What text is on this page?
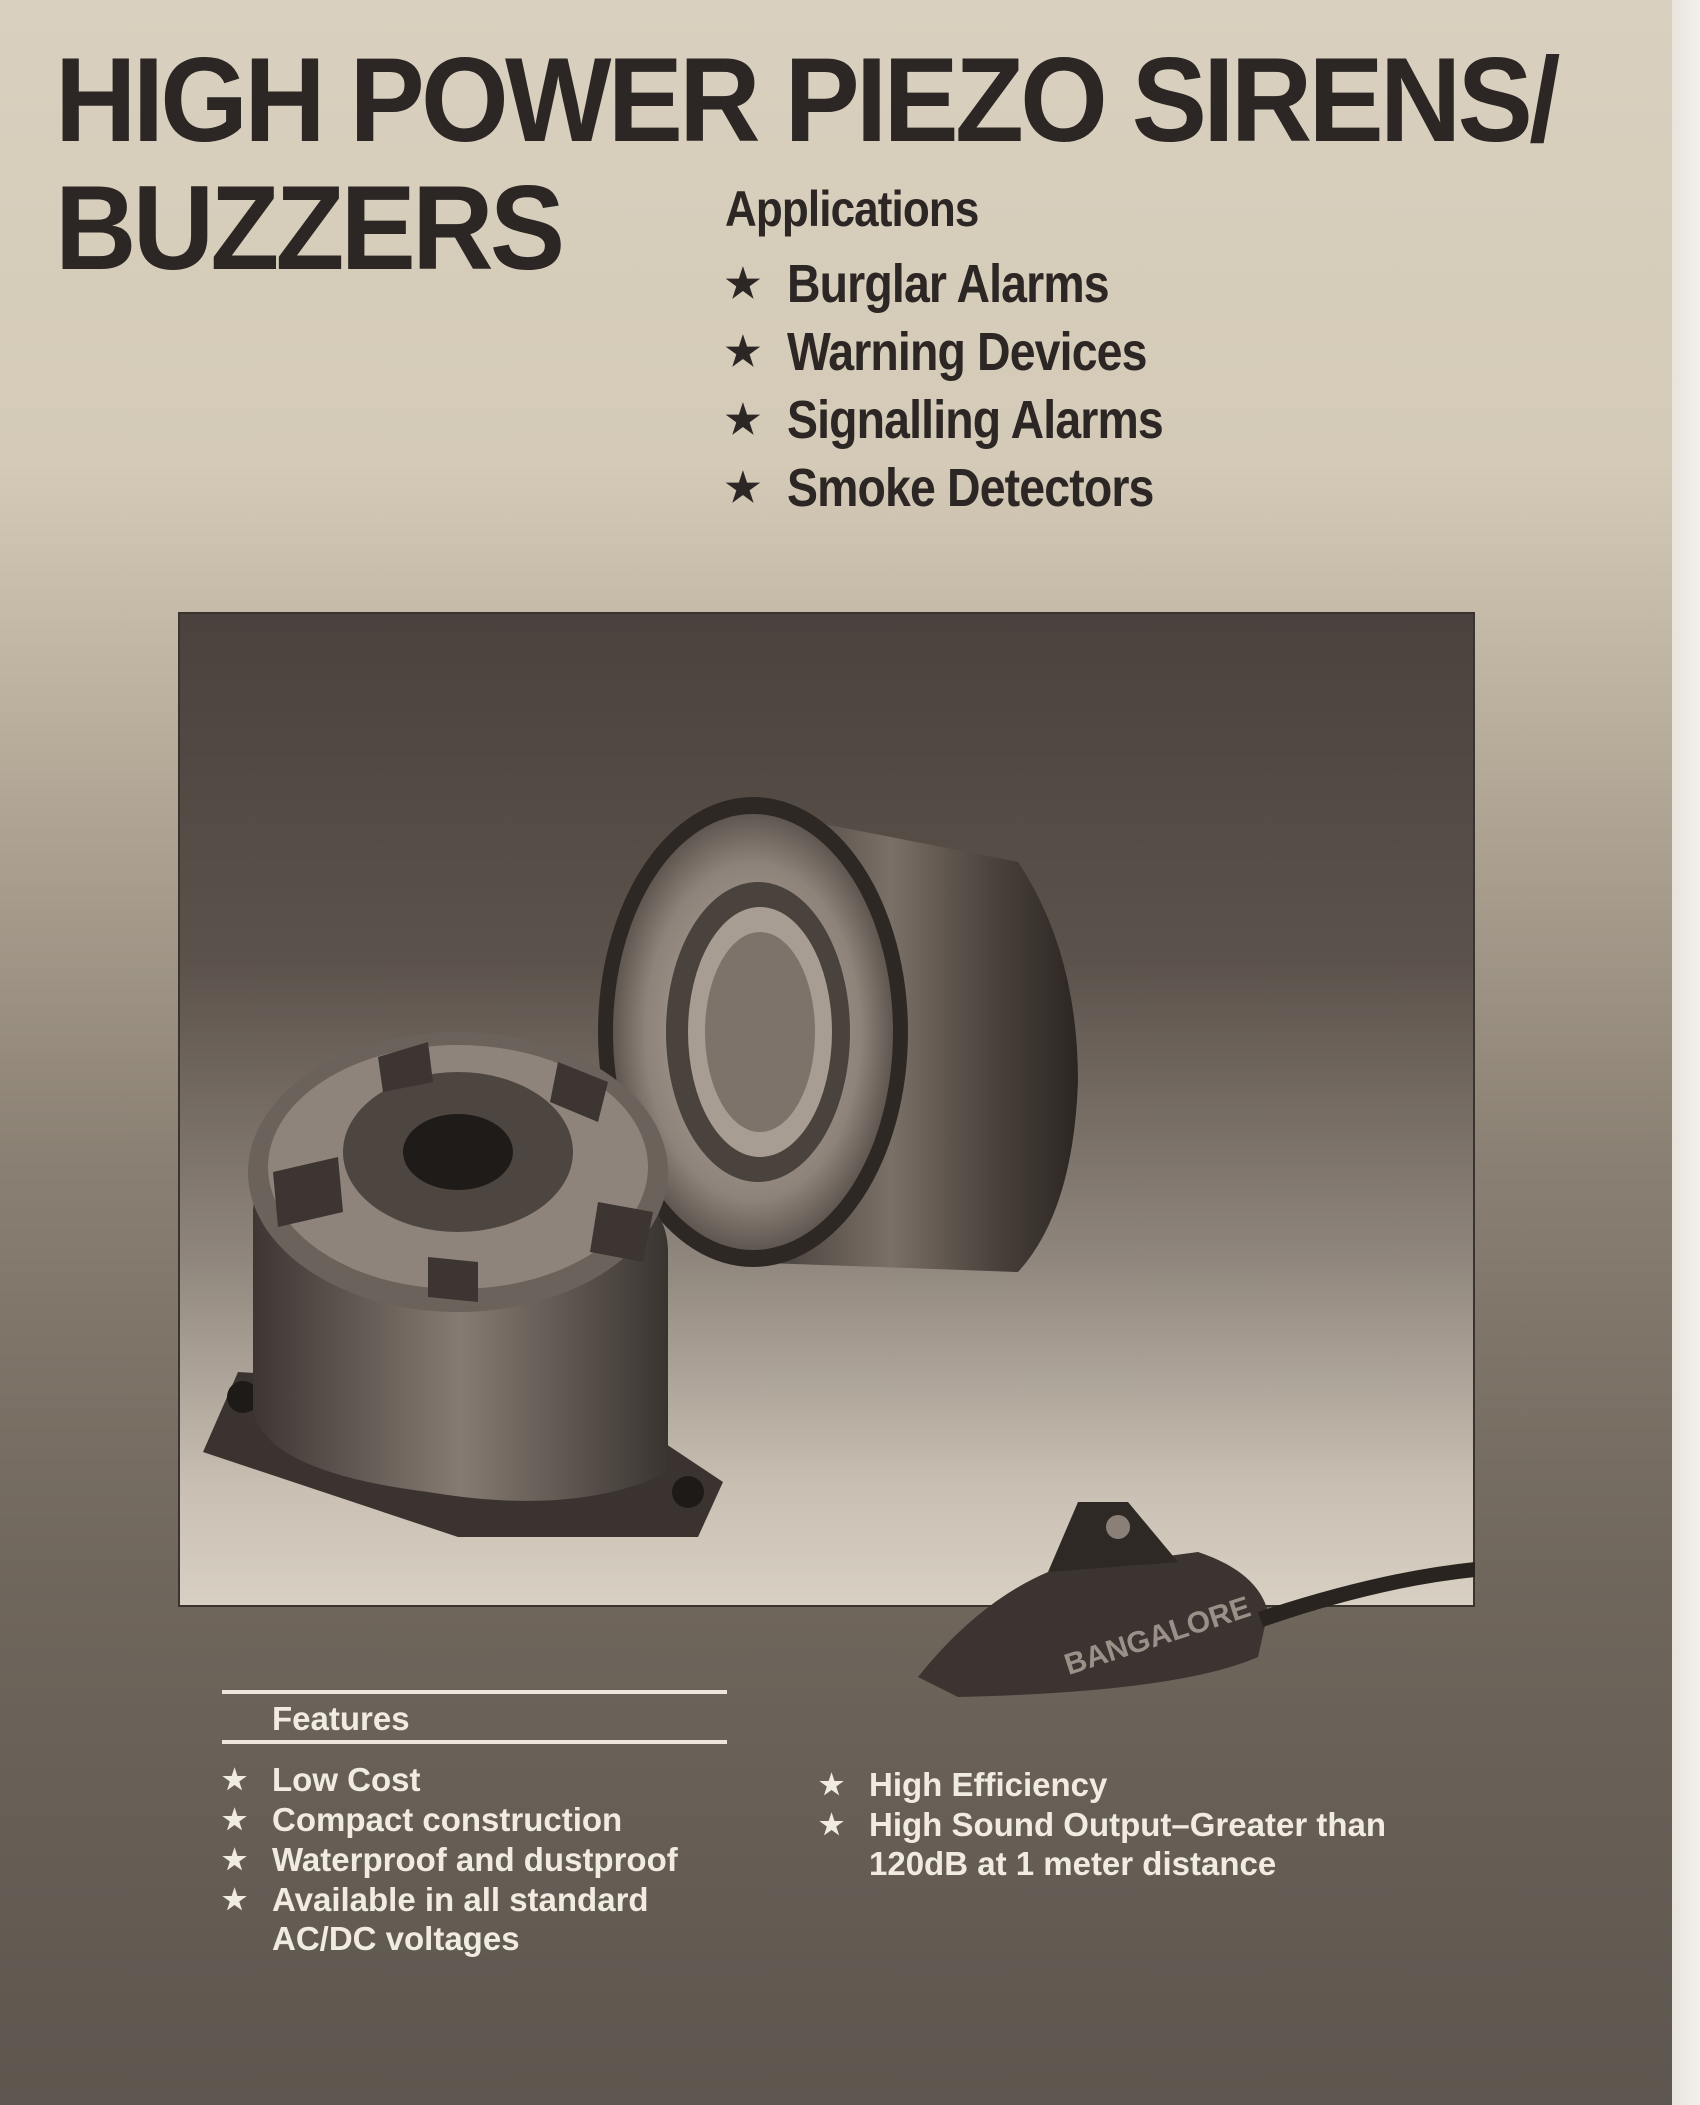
HIGH POWER PIEZO SIRENS/
BUZZERS	Applications
★ Burglar Alarms
★ Warning Devices
★ Signalling Alarms
★ Smoke Detectors
BANGALORE
Features
★ Low Cost
★ Compact construction
★ Waterproof and dustproof
★ Available in all standard AC/DC voltages
★ High Efficiency
★ High Sound Output–Greater than 120dB at 1 meter distance
